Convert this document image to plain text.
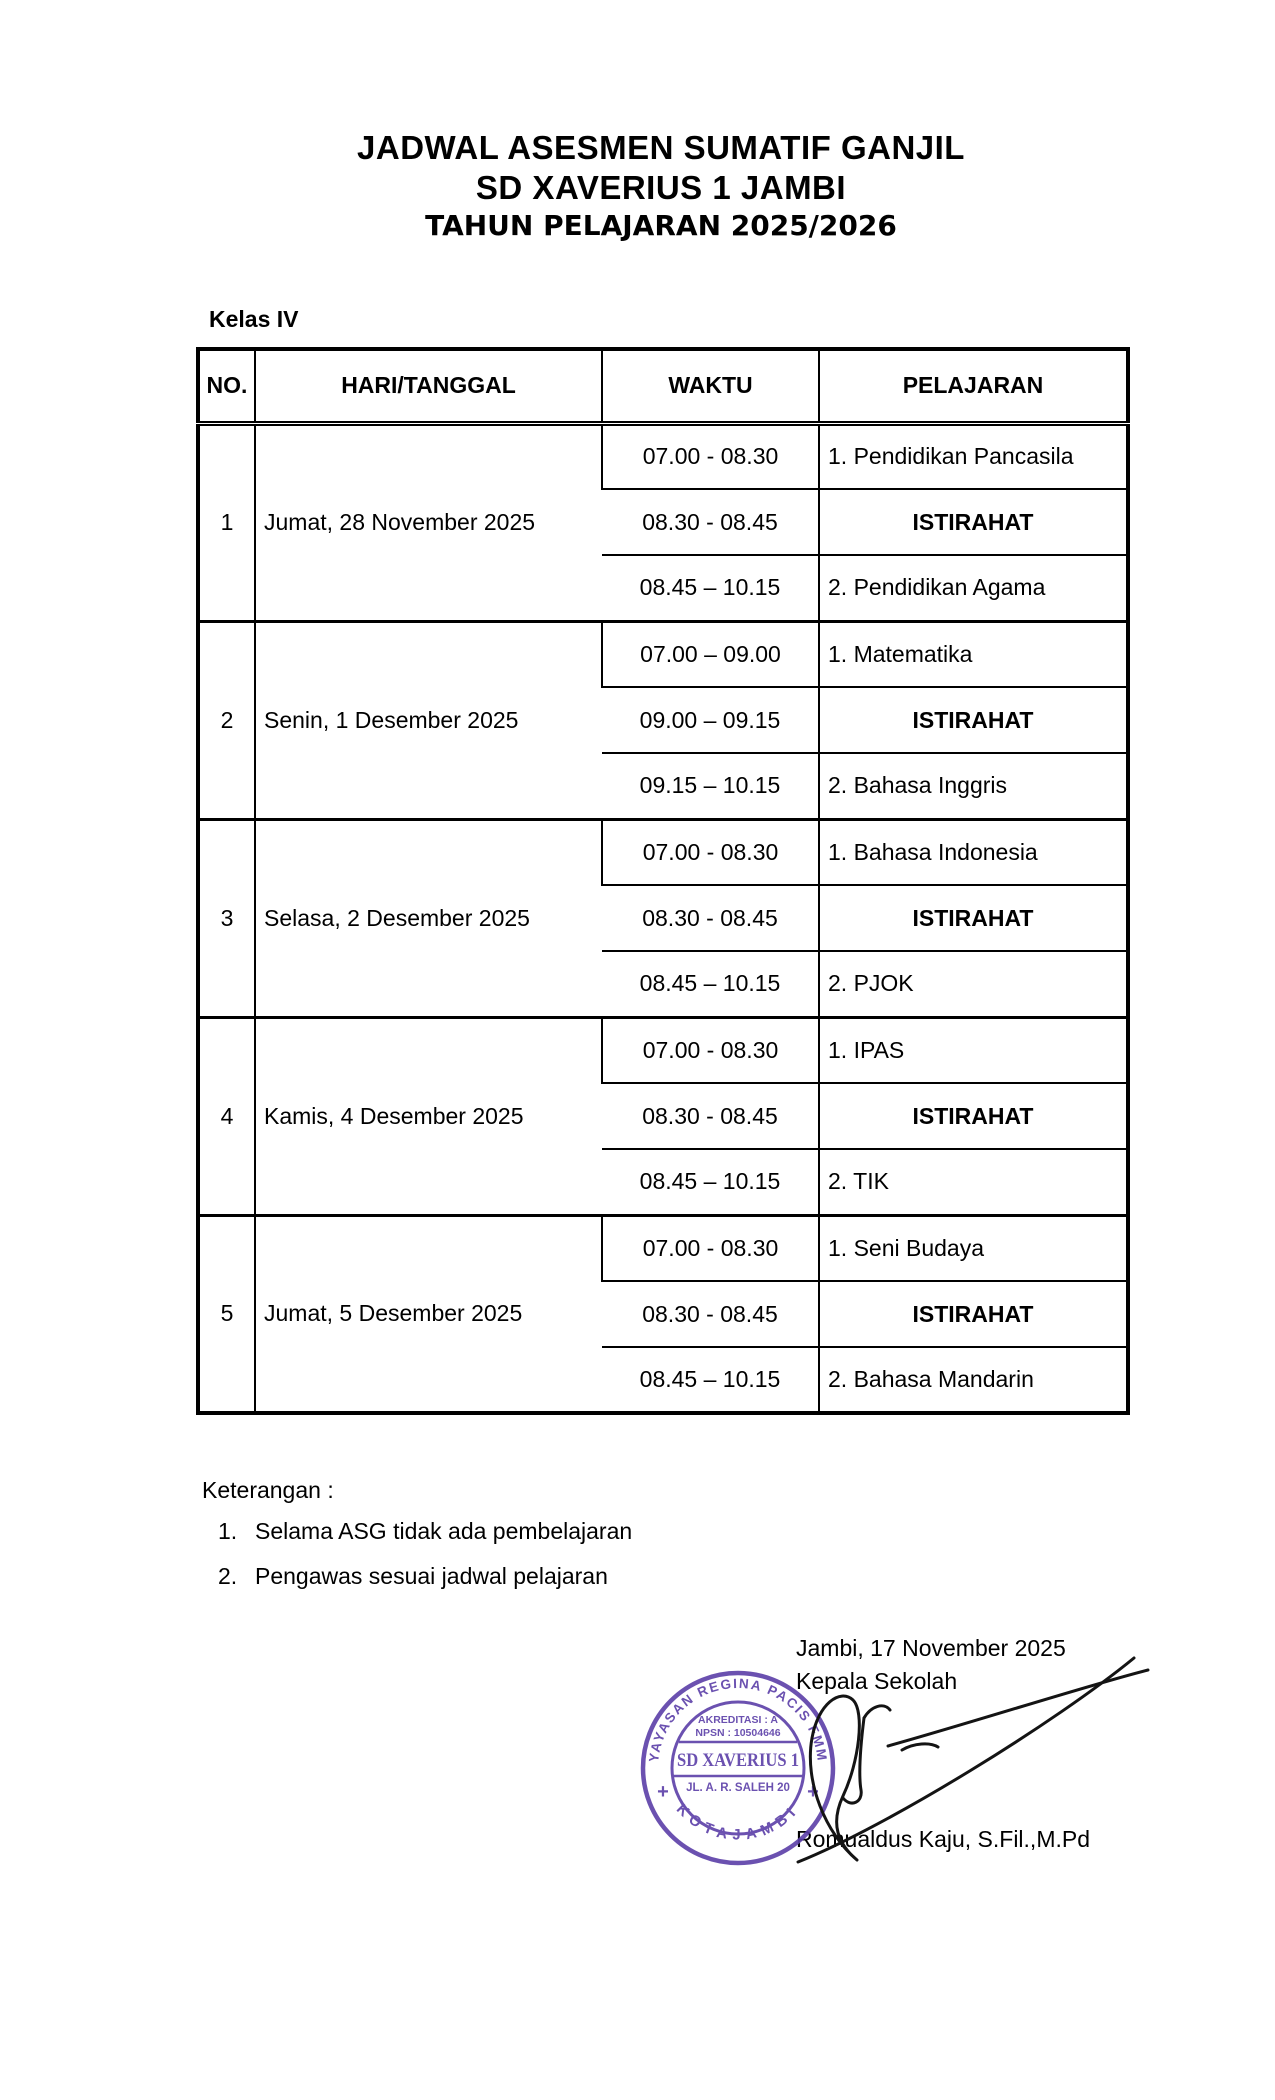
JADWAL ASESMEN SUMATIF GANJIL
SD XAVERIUS 1 JAMBI
TAHUN PELAJARAN 2025/2026
Kelas IV
NO.	HARI/TANGGAL	WAKTU	PELAJARAN
1	Jumat, 28 November 2025	07.00 - 08.30	1. Pendidikan Pancasila
		08.30 - 08.45	ISTIRAHAT
		08.45 – 10.15	2. Pendidikan Agama
2	Senin, 1 Desember 2025	07.00 – 09.00	1. Matematika
		09.00 – 09.15	ISTIRAHAT
		09.15 – 10.15	2. Bahasa Inggris
3	Selasa, 2 Desember 2025	07.00 - 08.30	1. Bahasa Indonesia
		08.30 - 08.45	ISTIRAHAT
		08.45 – 10.15	2. PJOK
4	Kamis, 4 Desember 2025	07.00 - 08.30	1. IPAS
		08.30 - 08.45	ISTIRAHAT
		08.45 – 10.15	2. TIK
5	Jumat, 5 Desember 2025	07.00 - 08.30	1. Seni Budaya
		08.30 - 08.45	ISTIRAHAT
		08.45 – 10.15	2. Bahasa Mandarin
Keterangan :
1. Selama ASG tidak ada pembelajaran
2. Pengawas sesuai jadwal pelajaran
Jambi, 17 November 2025
Kepala Sekolah
Romualdus Kaju, S.Fil.,M.Pd
YAYASAN REGINA PACIS FMM
KOTAJAMBI
AKREDITASI : A
NPSN : 10504646
SD XAVERIUS 1
JL. A. R. SALEH 20
+	+
